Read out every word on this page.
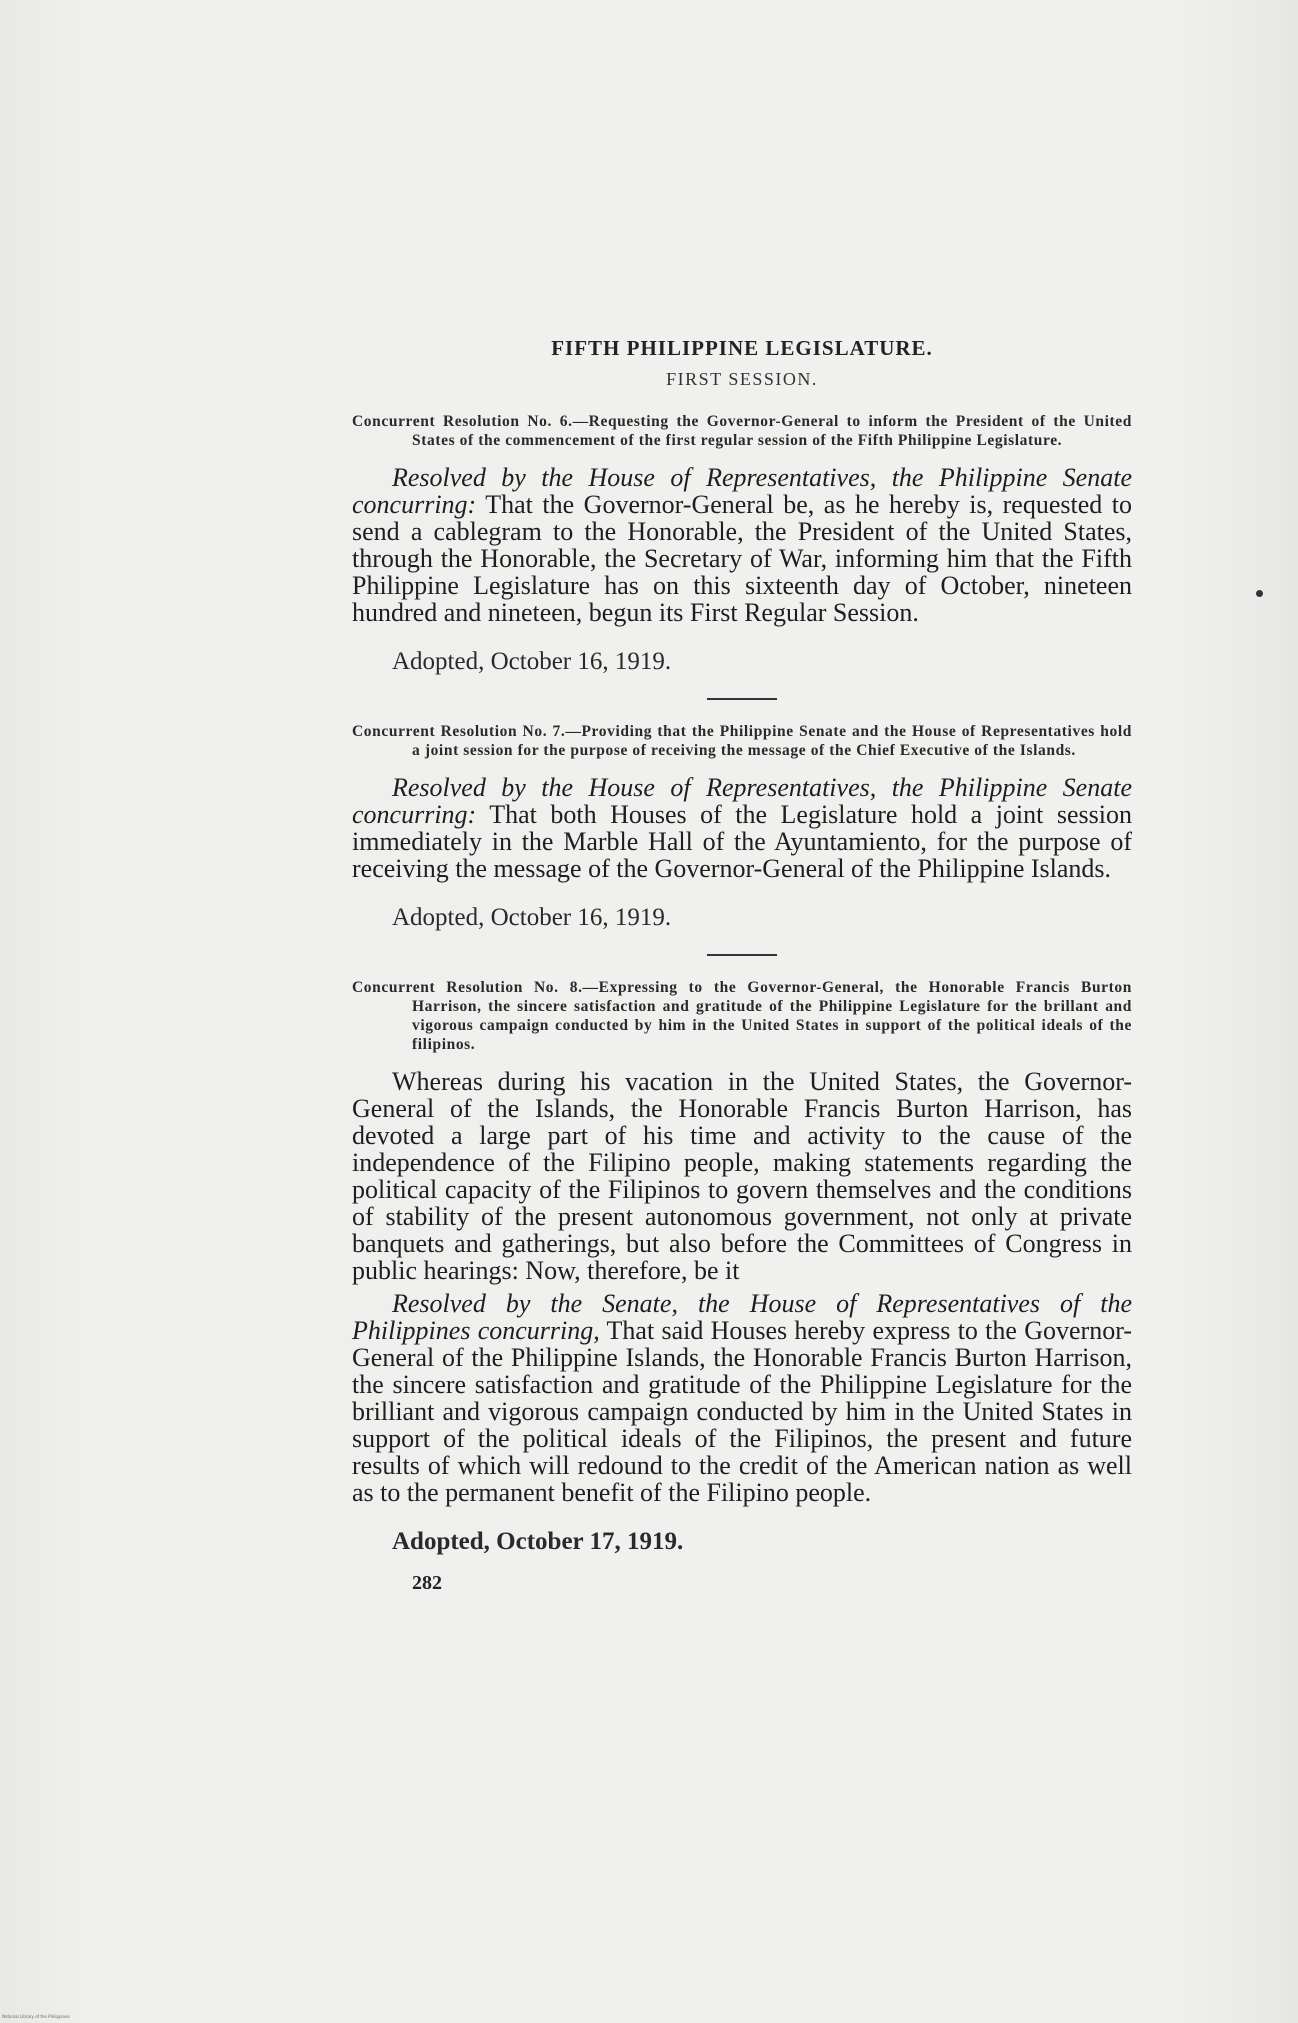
FIFTH PHILIPPINE LEGISLATURE.
FIRST SESSION.

Concurrent Resolution No. 6.—Requesting the Governor-General to inform the President of the United States of the commencement of the first regular session of the Fifth Philippine Legislature.

Resolved by the House of Representatives, the Philippine Senate concurring: That the Governor-General be, as he hereby is, requested to send a cablegram to the Honorable, the President of the United States, through the Honorable, the Secretary of War, informing him that the Fifth Philippine Legislature has on this sixteenth day of October, nineteen hundred and nineteen, begun its First Regular Session.

Adopted, October 16, 1919.

Concurrent Resolution No. 7.—Providing that the Philippine Senate and the House of Representatives hold a joint session for the purpose of receiving the message of the Chief Executive of the Islands.

Resolved by the House of Representatives, the Philippine Senate concurring: That both Houses of the Legislature hold a joint session immediately in the Marble Hall of the Ayuntamiento, for the purpose of receiving the message of the Governor-General of the Philippine Islands.

Adopted, October 16, 1919.

Concurrent Resolution No. 8.—Expressing to the Governor-General, the Honorable Francis Burton Harrison, the sincere satisfaction and gratitude of the Philippine Legislature for the brillant and vigorous campaign conducted by him in the United States in support of the political ideals of the filipinos.

Whereas during his vacation in the United States, the Governor-General of the Islands, the Honorable Francis Burton Harrison, has devoted a large part of his time and activity to the cause of the independence of the Filipino people, making statements regarding the political capacity of the Filipinos to govern themselves and the conditions of stability of the present autonomous government, not only at private banquets and gatherings, but also before the Committees of Congress in public hearings: Now, therefore, be it

Resolved by the Senate, the House of Representatives of the Philippines concurring, That said Houses hereby express to the Governor-General of the Philippine Islands, the Honorable Francis Burton Harrison, the sincere satisfaction and gratitude of the Philippine Legislature for the brilliant and vigorous campaign conducted by him in the United States in support of the political ideals of the Filipinos, the present and future results of which will redound to the credit of the American nation as well as to the permanent benefit of the Filipino people.

Adopted, October 17, 1919.
282
National Library of the Philippines
